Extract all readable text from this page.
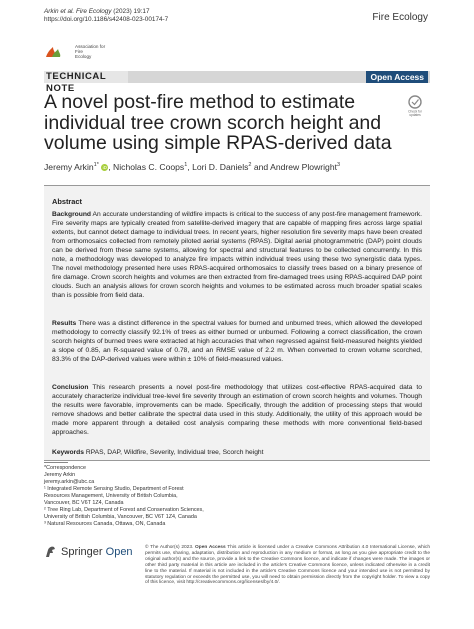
Arkin et al. Fire Ecology (2023) 19:17
https://doi.org/10.1186/s42408-023-00174-7	Fire Ecology
Association for
Fire
Ecology
TECHNICAL NOTE
Open Access
A novel post-fire method to estimate individual tree crown scorch height and volume using simple RPAS-derived data
Check for
updates
Jeremy Arkin$^{1*}$ iD, Nicholas C. Coops$^1$, Lori D. Daniels$^2$ and Andrew Plowright$^3$
Abstract
Background An accurate understanding of wildfire impacts is critical to the success of any post-fire management framework. Fire severity maps are typically created from satellite-derived imagery that are capable of mapping fires across large spatial extents, but cannot detect damage to individual trees. In recent years, higher resolution fire severity maps have been created from orthomosaics collected from remotely piloted aerial systems (RPAS). Digital aerial photogrammetric (DAP) point clouds can be derived from these same systems, allowing for spectral and structural features to be collected concurrently. In this note, a methodology was developed to analyze fire impacts within individual trees using these two synergistic data types. The novel methodology presented here uses RPAS-acquired orthomosaics to classify trees based on a binary presence of fire damage. Crown scorch heights and volumes are then extracted from fire-damaged trees using RPAS-acquired DAP point clouds. Such an analysis allows for crown scorch heights and volumes to be estimated across much broader spatial scales than is possible from field data.
Results There was a distinct difference in the spectral values for burned and unburned trees, which allowed the developed methodology to correctly classify 92.1% of trees as either burned or unburned. Following a correct classification, the crown scorch heights of burned trees were extracted at high accuracies that when regressed against field-measured heights yielded a slope of 0.85, an R-squared value of 0.78, and an RMSE value of 2.2 m. When converted to crown volume scorched, 83.3% of the DAP-derived values were within ± 10% of field-measured values.
Conclusion This research presents a novel post-fire methodology that utilizes cost-effective RPAS-acquired data to accurately characterize individual tree-level fire severity through an estimation of crown scorch heights and volumes. Though the results were favorable, improvements can be made. Specifically, through the addition of processing steps that would remove shadows and better calibrate the spectral data used in this study. Additionally, the utility of this approach would be made more apparent through a detailed cost analysis comparing these methods with more conventional field-based approaches.
Keywords RPAS, DAP, Wildfire, Severity, Individual tree, Scorch height
*Correspondence
Jeremy Arkin
jeremy.arkin@ubc.ca
¹ Integrated Remote Sensing Studio, Department of Forest Resources Management, University of British Columbia, Vancouver, BC V6T 1Z4, Canada
² Tree Ring Lab, Department of Forest and Conservation Sciences, University of British Columbia, Vancouver, BC V6T 1Z4, Canada
³ Natural Resources Canada, Ottawa, ON, Canada
Springer Open	© The Author(s) 2023. Open Access This article is licensed under a Creative Commons Attribution 4.0 International License, which permits use, sharing, adaptation, distribution and reproduction in any medium or format, as long as you give appropriate credit to the original author(s) and the source, provide a link to the Creative Commons licence, and indicate if changes were made. The images or other third party material in this article are included in the article's Creative Commons licence, unless indicated otherwise in a credit line to the material. If material is not included in the article's Creative Commons licence and your intended use is not permitted by statutory regulation or exceeds the permitted use, you will need to obtain permission directly from the copyright holder. To view a copy of this licence, visit http://creativecommons.org/licenses/by/4.0/.
